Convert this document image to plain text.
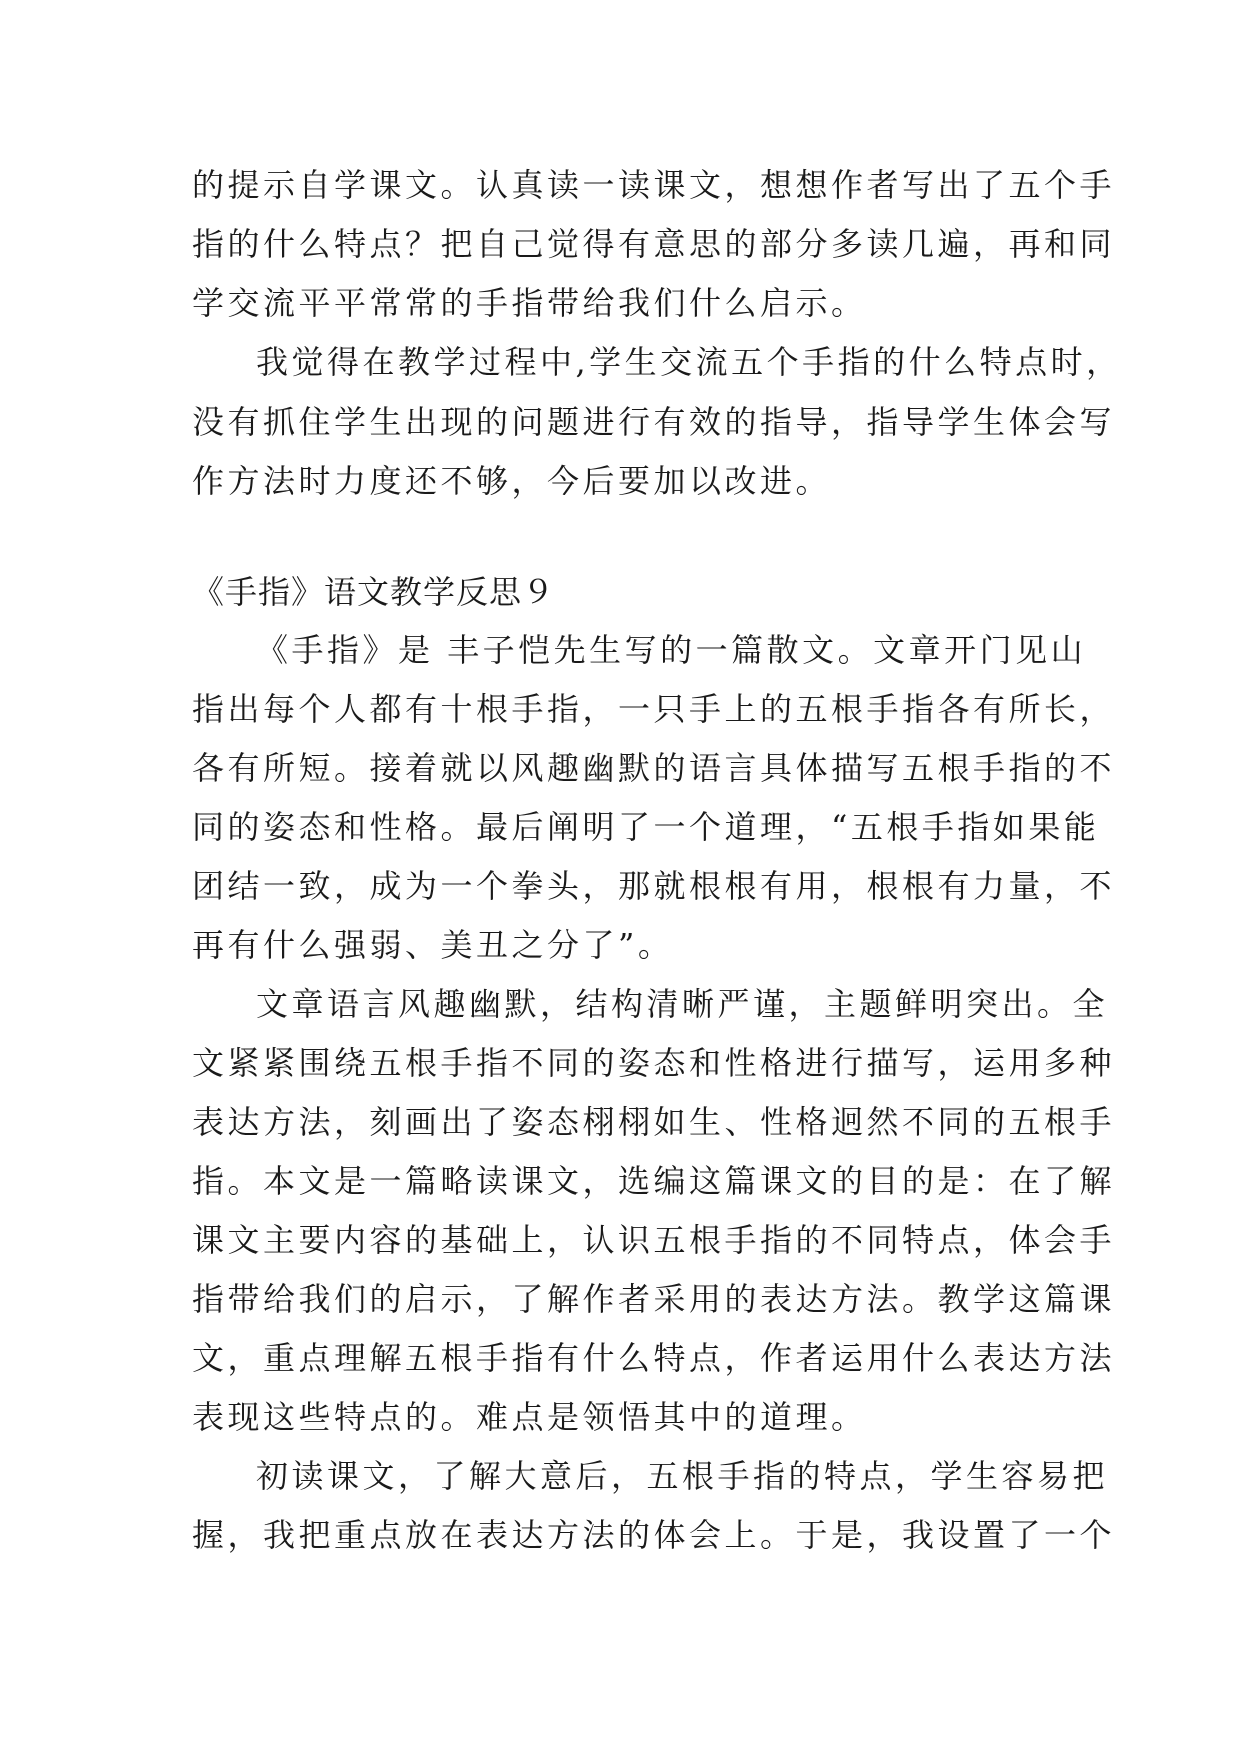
的提示自学课文。认真读一读课文，想想作者写出了五个手
指的什么特点？把自己觉得有意思的部分多读几遍，再和同
学交流平平常常的手指带给我们什么启示。
我觉得在教学过程中,学生交流五个手指的什么特点时，
没有抓住学生出现的问题进行有效的指导，指导学生体会写
作方法时力度还不够，今后要加以改进。
《手指》语文教学反思９
《手指》是 丰子恺先生写的一篇散文。文章开门见山
指出每个人都有十根手指，一只手上的五根手指各有所长，
各有所短。接着就以风趣幽默的语言具体描写五根手指的不
同的姿态和性格。最后阐明了一个道理，“五根手指如果能
团结一致，成为一个拳头，那就根根有用，根根有力量，不
再有什么强弱、美丑之分了”。
文章语言风趣幽默，结构清晰严谨，主题鲜明突出。全
文紧紧围绕五根手指不同的姿态和性格进行描写，运用多种
表达方法，刻画出了姿态栩栩如生、性格迥然不同的五根手
指。本文是一篇略读课文，选编这篇课文的目的是：在了解
课文主要内容的基础上，认识五根手指的不同特点，体会手
指带给我们的启示，了解作者采用的表达方法。教学这篇课
文，重点理解五根手指有什么特点，作者运用什么表达方法
表现这些特点的。难点是领悟其中的道理。
初读课文，了解大意后，五根手指的特点，学生容易把
握，我把重点放在表达方法的体会上。于是，我设置了一个
